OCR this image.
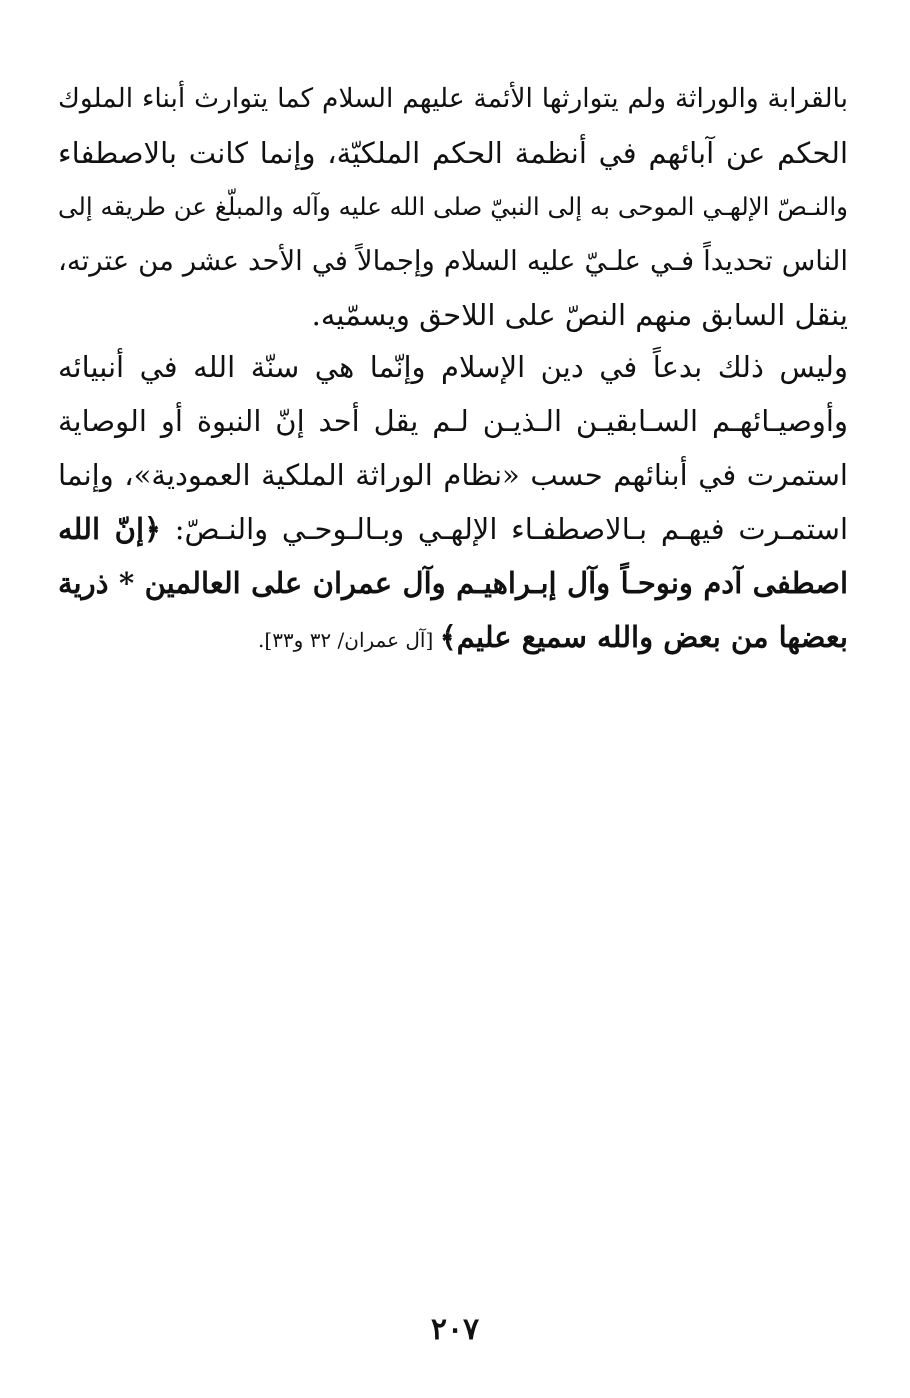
بالقرابة والوراثة ولم يتوارثها الأئمة عليهم السلام كما يتوارث أبناء الملوك
الحكم عن آبائهم في أنظمة الحكم الملكيّة، وإنما كانت بالاصطفاء
والنـصّ الإلهـي الموحى به إلى النبيّ صلى الله عليه وآله والمبلّغ عن طريقه إلى
الناس تحديداً فـي علـيّ عليه السلام وإجمالاً في الأحد عشر من عترته،
ينقل السابق منهم النصّ على اللاحق ويسمّيه.
وليس ذلك بدعاً في دين الإسلام وإنّما هي سنّة الله في أنبيائه
وأوصيـائهـم السـابقيـن الـذيـن لـم يقل أحد إنّ النبوة أو الوصاية
استمرت في أبنائهم حسب «نظام الوراثة الملكية العمودية»، وإنما
استمـرت فيهـم بـالاصطفـاء الإلهـي وبـالـوحـي والنـصّ: ﴿إنّ الله
اصطفى آدم ونوحـاً وآل إبـراهيـم وآل عمران على العالمين * ذرية
بعضها من بعض والله سميع عليم﴾ [آل عمران/ ٣٢ و٣٣].
٢٠٧
